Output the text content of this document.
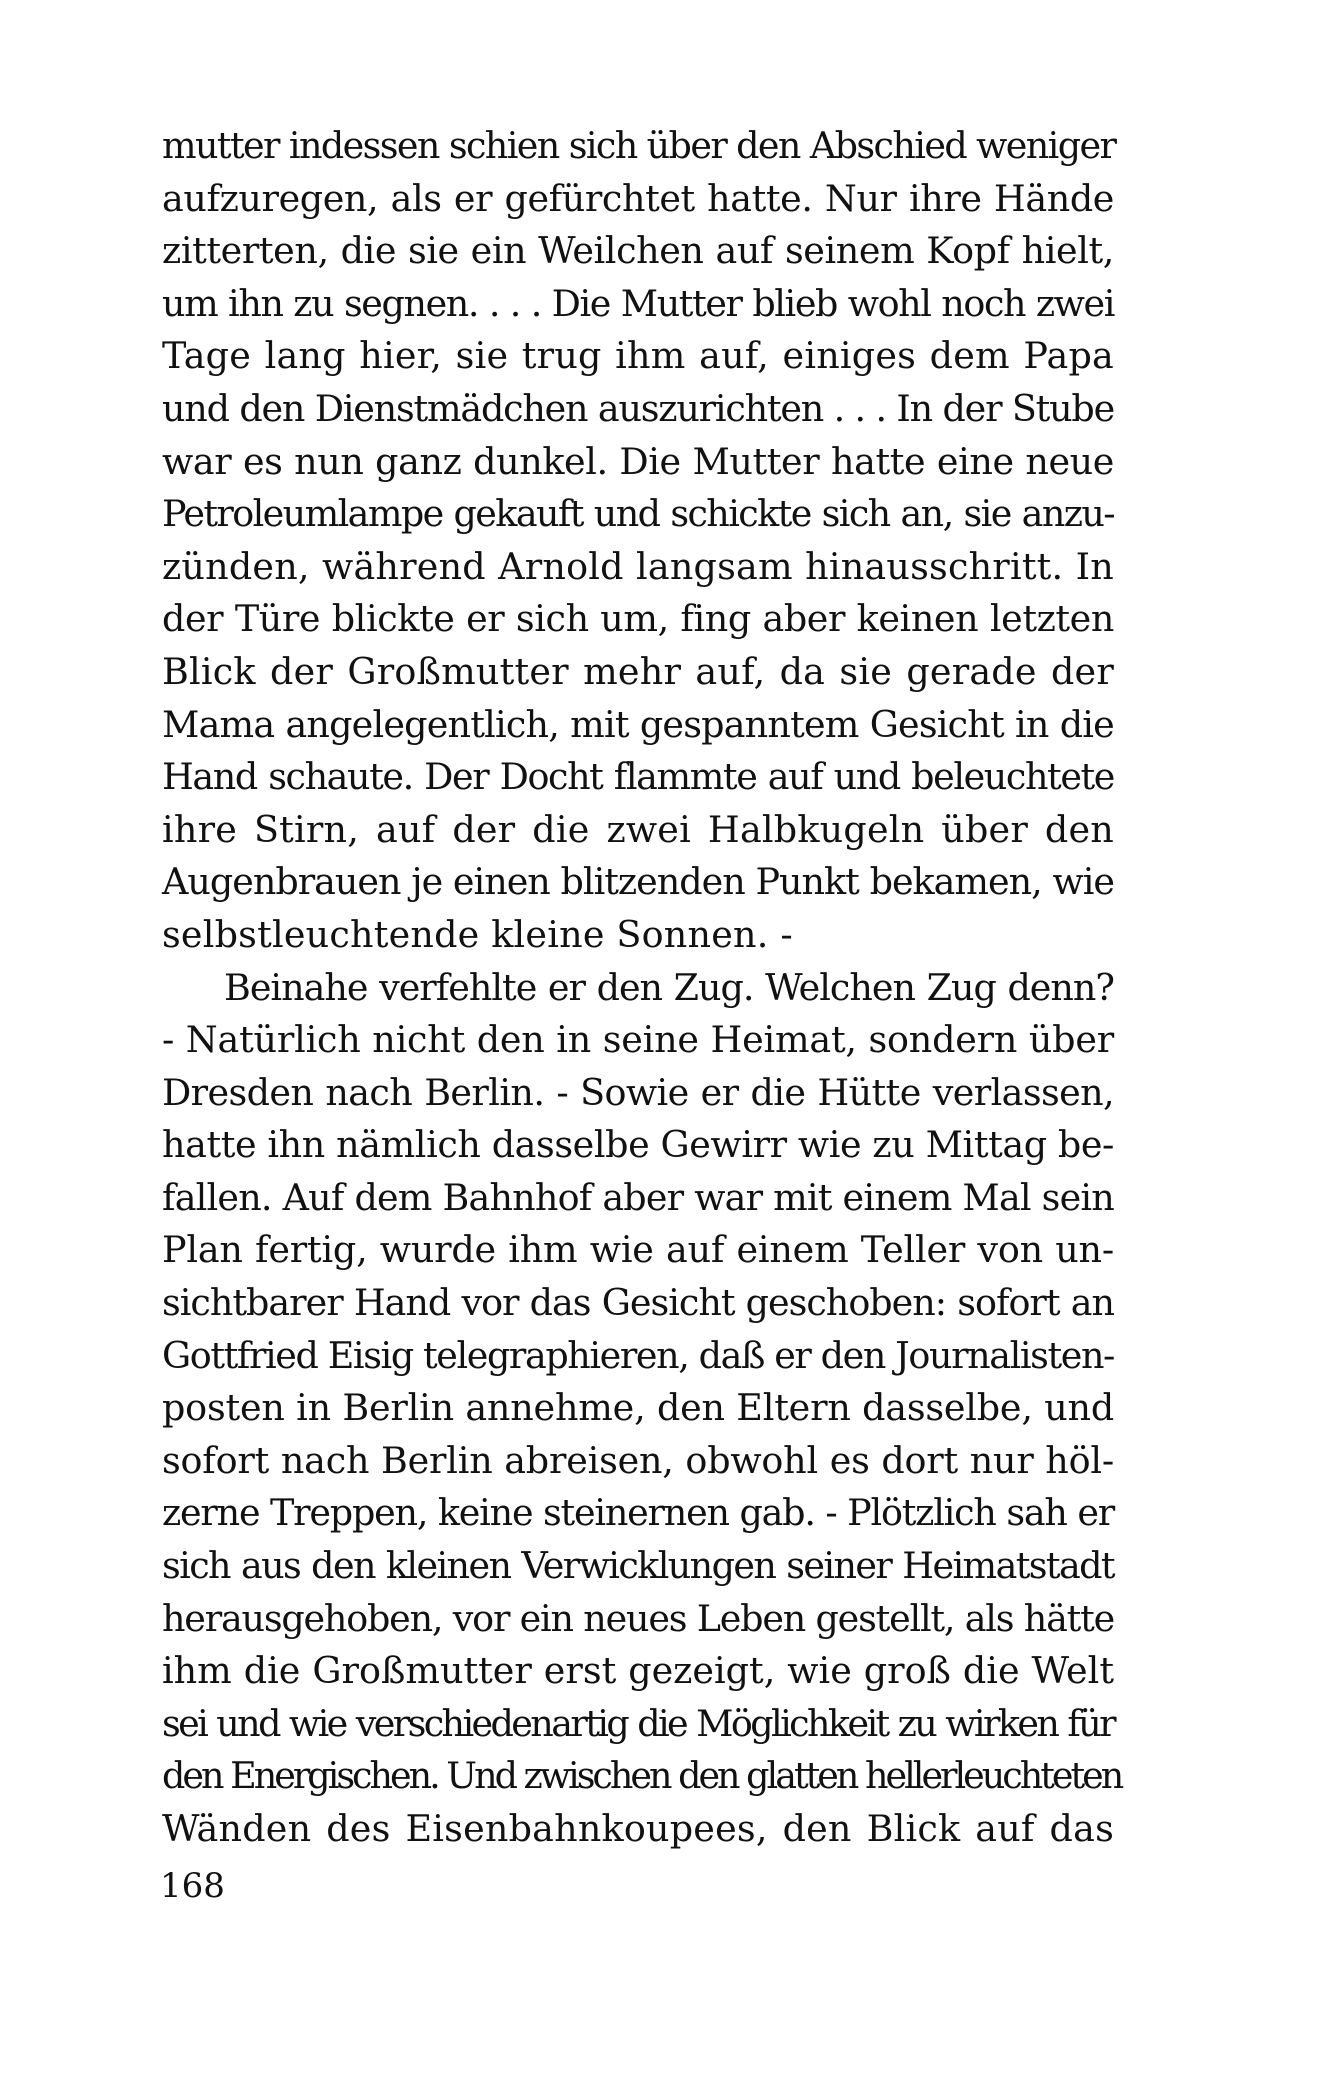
mutter indessen schien sich über den Abschied weniger
aufzuregen, als er gefürchtet hatte. Nur ihre Hände
zitterten, die sie ein Weilchen auf seinem Kopf hielt,
um ihn zu segnen. . . . Die Mutter blieb wohl noch zwei
Tage lang hier, sie trug ihm auf, einiges dem Papa
und den Dienstmädchen auszurichten . . . In der Stube
war es nun ganz dunkel. Die Mutter hatte eine neue
Petroleumlampe gekauft und schickte sich an, sie anzu-
zünden, während Arnold langsam hinausschritt. In
der Türe blickte er sich um, fing aber keinen letzten
Blick der Großmutter mehr auf, da sie gerade der
Mama angelegentlich, mit gespanntem Gesicht in die
Hand schaute. Der Docht flammte auf und beleuchtete
ihre Stirn, auf der die zwei Halbkugeln über den
Augenbrauen je einen blitzenden Punkt bekamen, wie
selbstleuchtende kleine Sonnen. -
Beinahe verfehlte er den Zug. Welchen Zug denn?
- Natürlich nicht den in seine Heimat, sondern über
Dresden nach Berlin. - Sowie er die Hütte verlassen,
hatte ihn nämlich dasselbe Gewirr wie zu Mittag be-
fallen. Auf dem Bahnhof aber war mit einem Mal sein
Plan fertig, wurde ihm wie auf einem Teller von un-
sichtbarer Hand vor das Gesicht geschoben: sofort an
Gottfried Eisig telegraphieren, daß er den Journalisten-
posten in Berlin annehme, den Eltern dasselbe, und
sofort nach Berlin abreisen, obwohl es dort nur höl-
zerne Treppen, keine steinernen gab. - Plötzlich sah er
sich aus den kleinen Verwicklungen seiner Heimatstadt
herausgehoben, vor ein neues Leben gestellt, als hätte
ihm die Großmutter erst gezeigt, wie groß die Welt
sei und wie verschiedenartig die Möglichkeit zu wirken für
den Energischen. Und zwischen den glatten hellerleuchteten
Wänden des Eisenbahnkoupees, den Blick auf das
168
